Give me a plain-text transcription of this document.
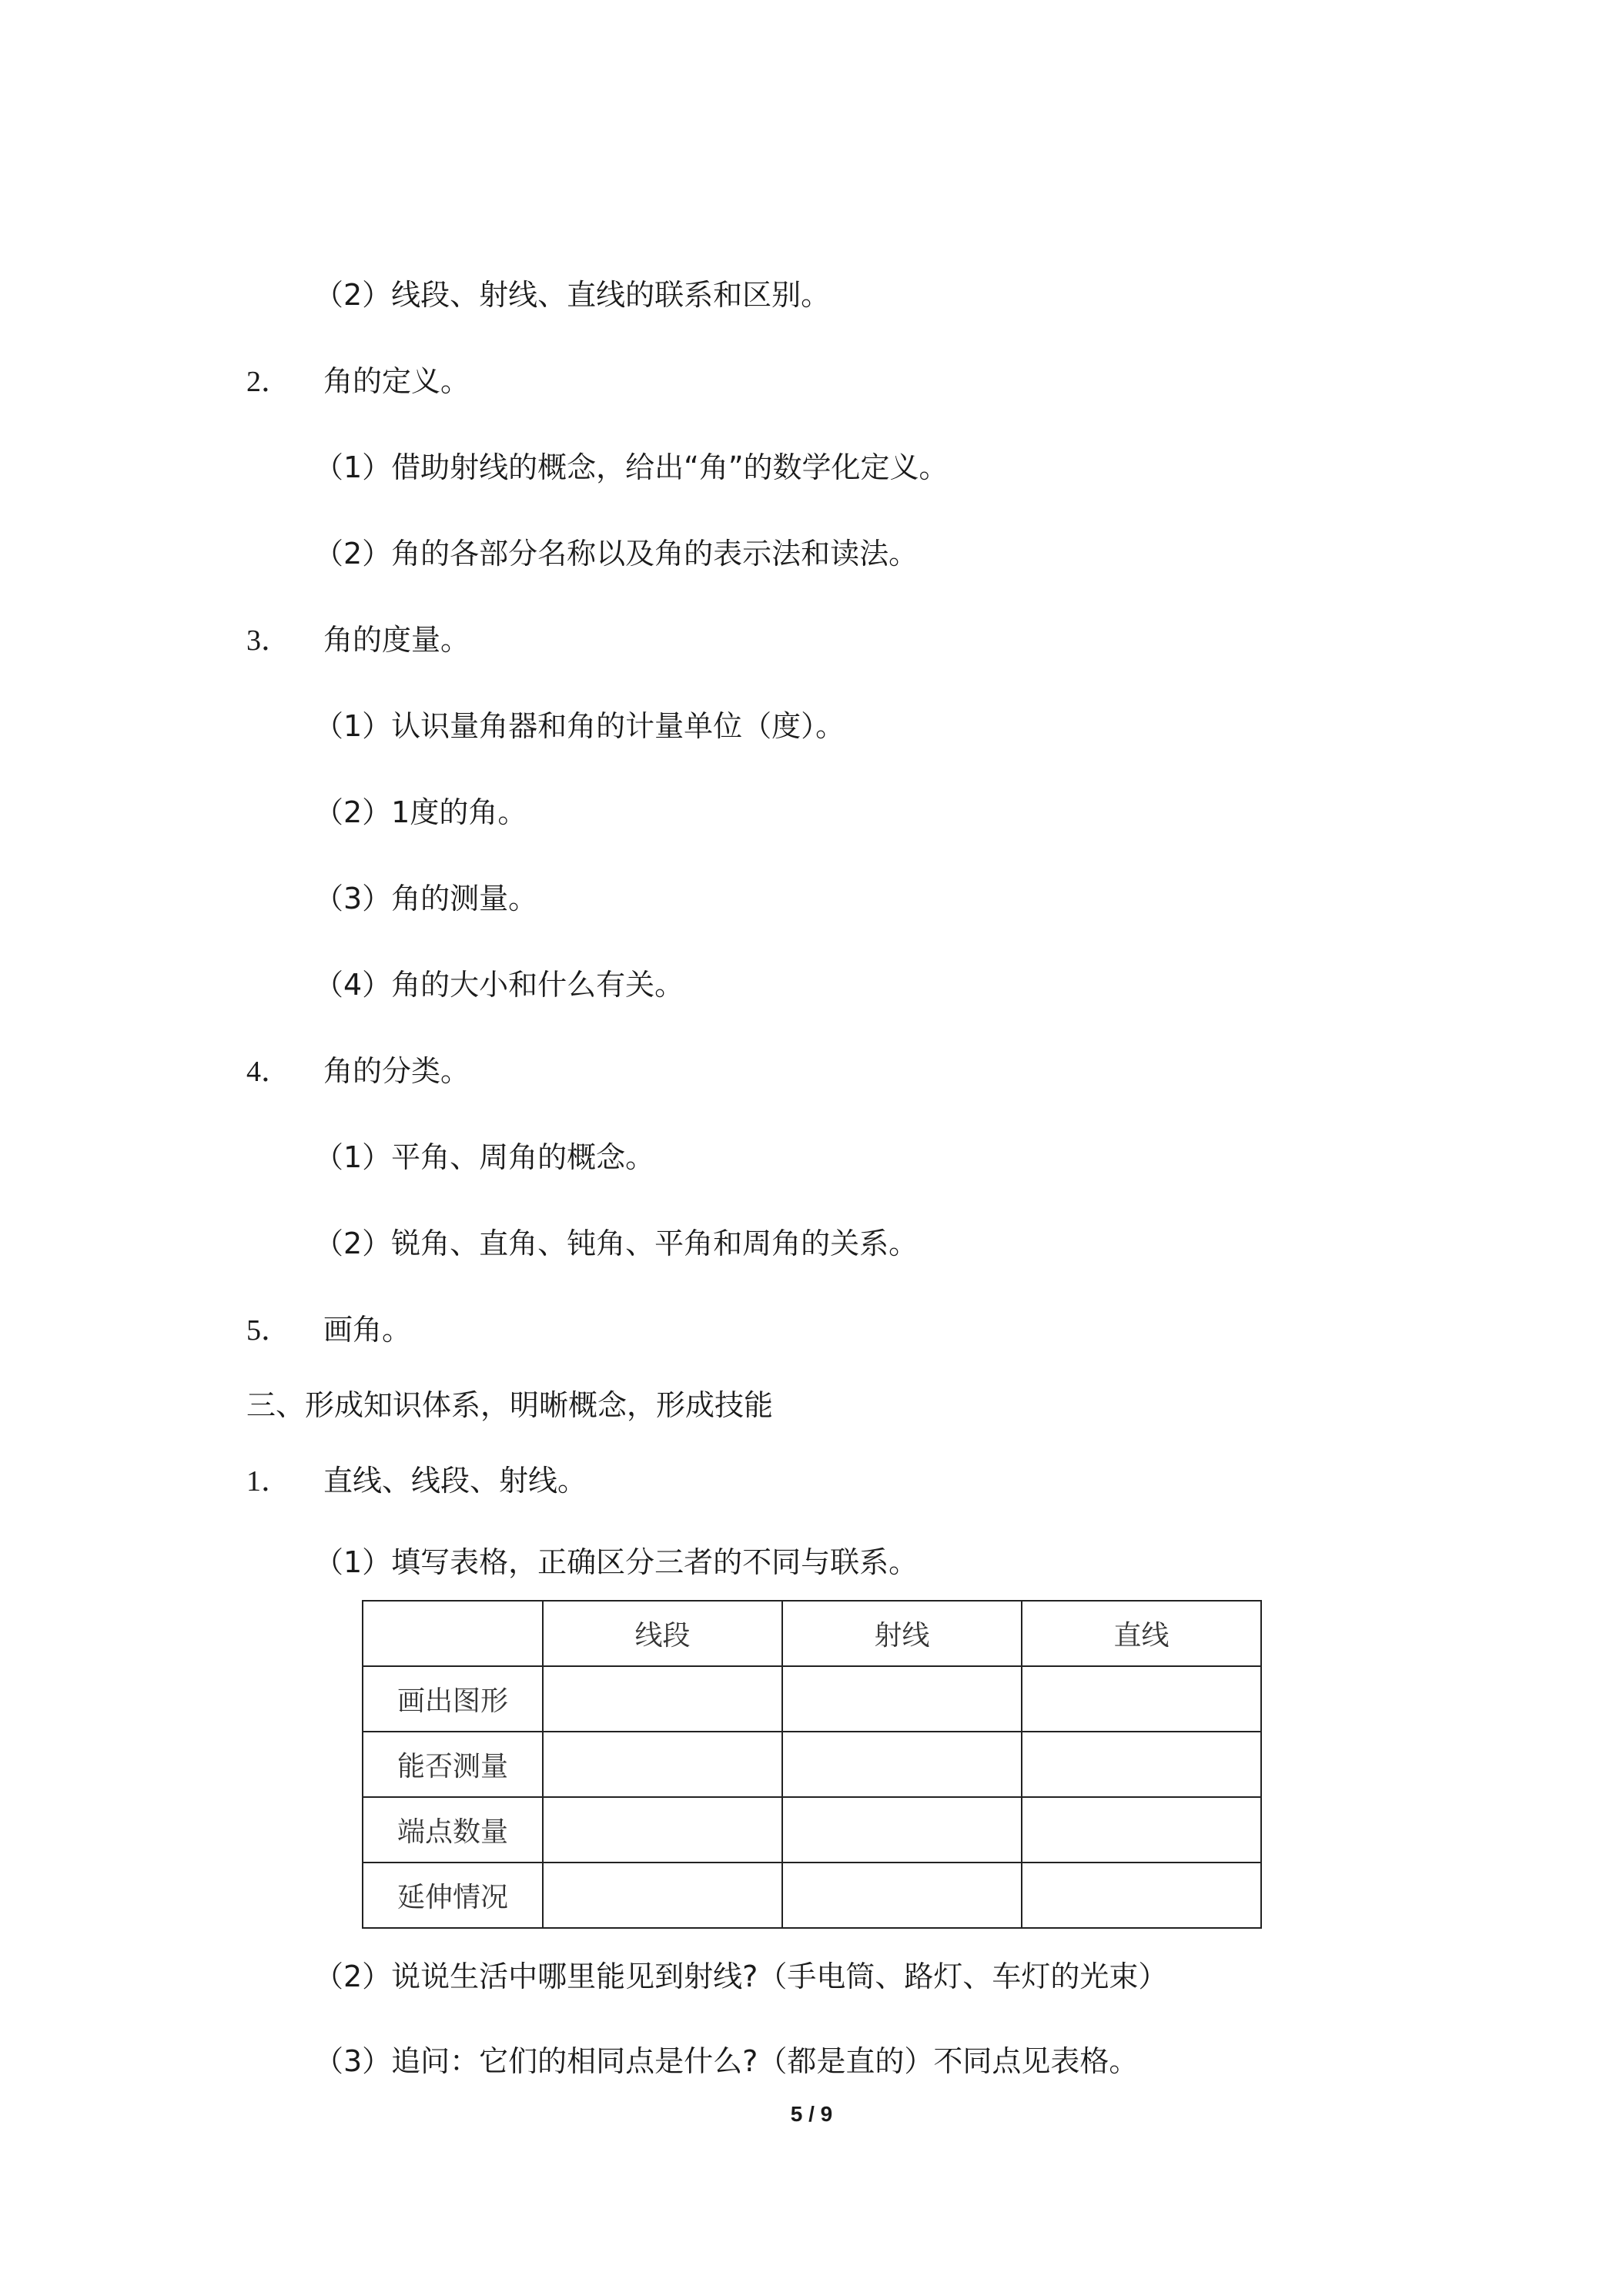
（2）线段、射线、直线的联系和区别。
2． 角的定义。
（1）借助射线的概念，给出“角”的数学化定义。
（2）角的各部分名称以及角的表示法和读法。
3． 角的度量。
（1）认识量角器和角的计量单位（度）。
（2）1度的角。
（3）角的测量。
（4）角的大小和什么有关。
4． 角的分类。
（1）平角、周角的概念。
（2）锐角、直角、钝角、平角和周角的关系。
5． 画角。
三、形成知识体系，明晰概念，形成技能
1． 直线、线段、射线。
（1）填写表格，正确区分三者的不同与联系。
	线段	射线	直线
画出图形			
能否测量			
端点数量			
延伸情况			
（2）说说生活中哪里能见到射线?（手电筒、路灯、车灯的光束）
（3）追问：它们的相同点是什么?（都是直的）不同点见表格。
5 / 9
